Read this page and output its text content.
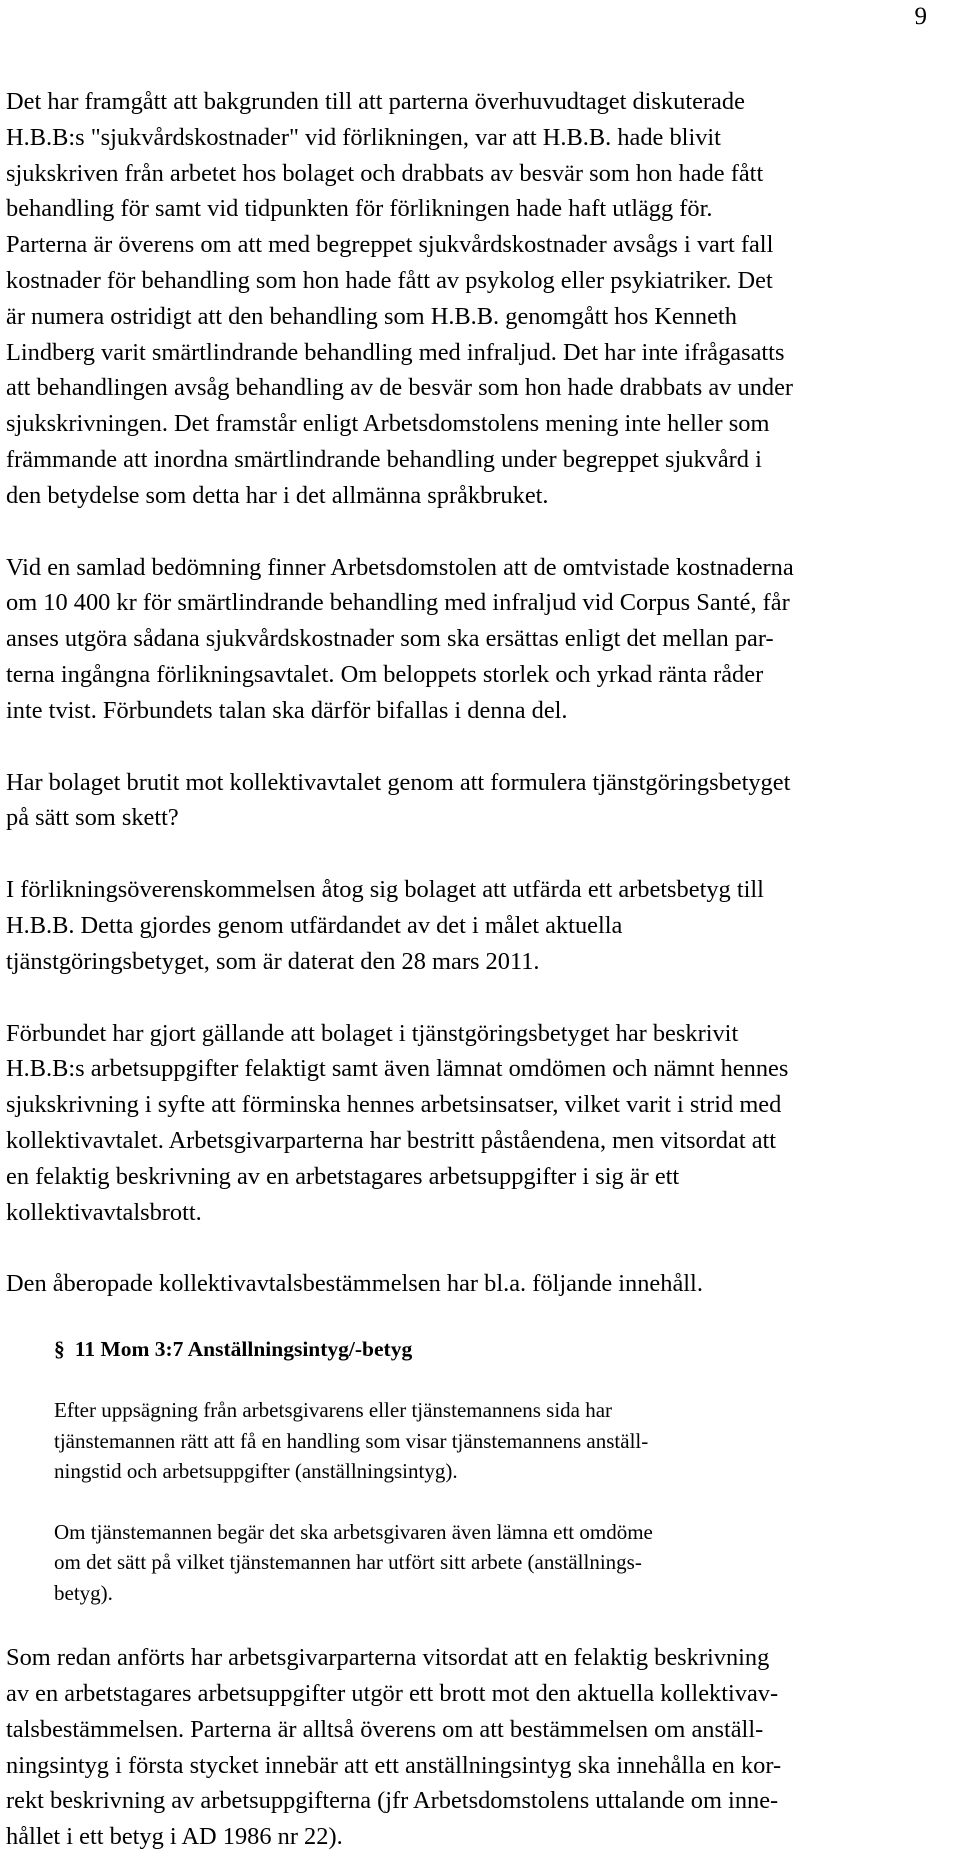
9

Det har framgått att bakgrunden till att parterna överhuvudtaget diskuterade

H.B.B:s "sjukvårdskostnader" vid förlikningen, var att H.B.B. hade blivit

sjukskriven från arbetet hos bolaget och drabbats av besvär som hon hade fått

behandling för samt vid tidpunkten för förlikningen hade haft utlägg för.

Parterna är överens om att med begreppet sjukvårdskostnader avsågs i vart fall

kostnader för behandling som hon hade fått av psykolog eller psykiatriker. Det

är numera ostridigt att den behandling som H.B.B. genomgått hos Kenneth

Lindberg varit smärtlindrande behandling med infraljud. Det har inte ifrågasatts

att behandlingen avsåg behandling av de besvär som hon hade drabbats av under

sjukskrivningen. Det framstår enligt Arbetsdomstolens mening inte heller som

främmande att inordna smärtlindrande behandling under begreppet sjukvård i

den betydelse som detta har i det allmänna språkbruket.

Vid en samlad bedömning finner Arbetsdomstolen att de omtvistade kostnaderna

om 10 400 kr för smärtlindrande behandling med infraljud vid Corpus Santé, får

anses utgöra sådana sjukvårdskostnader som ska ersättas enligt det mellan par-

terna ingångna förlikningsavtalet. Om beloppets storlek och yrkad ränta råder

inte tvist. Förbundets talan ska därför bifallas i denna del.

Har bolaget brutit mot kollektivavtalet genom att formulera tjänstgöringsbetyget

på sätt som skett?

I förlikningsöverenskommelsen åtog sig bolaget att utfärda ett arbetsbetyg till

H.B.B. Detta gjordes genom utfärdandet av det i målet aktuella

tjänstgöringsbetyget, som är daterat den 28 mars 2011.

Förbundet har gjort gällande att bolaget i tjänstgöringsbetyget har beskrivit

H.B.B:s arbetsuppgifter felaktigt samt även lämnat omdömen och nämnt hennes

sjukskrivning i syfte att förminska hennes arbetsinsatser, vilket varit i strid med

kollektivavtalet. Arbetsgivarparterna har bestritt påståendena, men vitsordat att

en felaktig beskrivning av en arbetstagares arbetsuppgifter i sig är ett

kollektivavtalsbrott.

Den åberopade kollektivavtalsbestämmelsen har bl.a. följande innehåll.

§ 11 Mom 3:7 Anställningsintyg/-betyg

Efter uppsägning från arbetsgivarens eller tjänstemannens sida har

tjänstemannen rätt att få en handling som visar tjänstemannens anställ-

ningstid och arbetsuppgifter (anställningsintyg).

Om tjänstemannen begär det ska arbetsgivaren även lämna ett omdöme

om det sätt på vilket tjänstemannen har utfört sitt arbete (anställnings-

betyg).

Som redan anförts har arbetsgivarparterna vitsordat att en felaktig beskrivning

av en arbetstagares arbetsuppgifter utgör ett brott mot den aktuella kollektivav-

talsbestämmelsen. Parterna är alltså överens om att bestämmelsen om anställ-

ningsintyg i första stycket innebär att ett anställningsintyg ska innehålla en kor-

rekt beskrivning av arbetsuppgifterna (jfr Arbetsdomstolens uttalande om inne-

hållet i ett betyg i AD 1986 nr 22).
